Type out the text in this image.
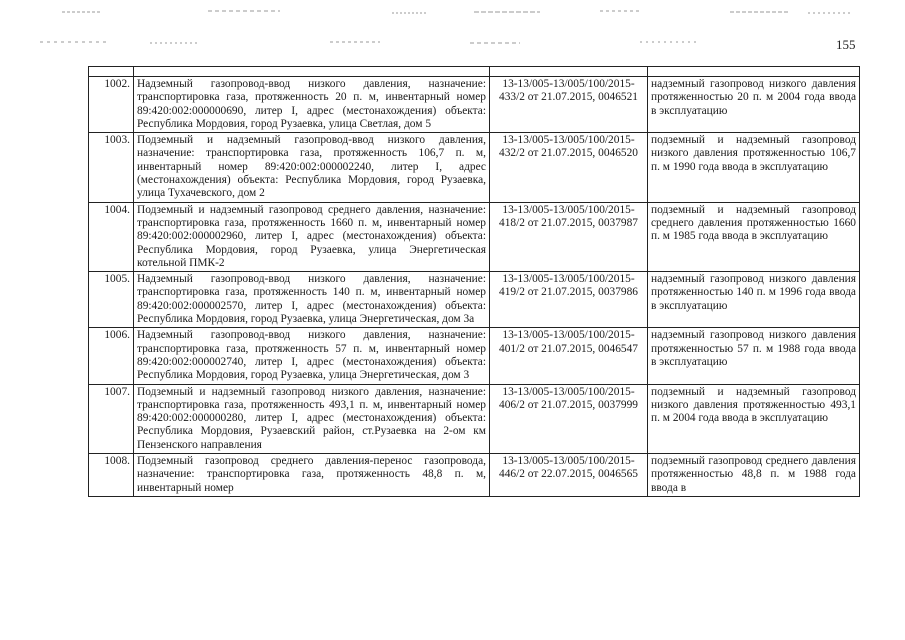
155

1002.	Надземный газопровод-ввод низкого давления, назначение: транспортировка газа, протяженность 20 п. м, инвентарный номер 89:420:002:000000690, литер I, адрес (местонахождения) объекта: Республика Мордовия, город Рузаевка, улица Светлая, дом 5	13-13/005-13/005/100/2015-433/2 от 21.07.2015, 0046521	надземный газопровод низкого давления протяженностью 20 п. м 2004 года ввода в эксплуатацию
1003.	Подземный и надземный газопровод-ввод низкого давления, назначение: транспортировка газа, протяженность 106,7 п. м, инвентарный номер 89:420:002:000002240, литер I, адрес (местонахождения) объекта: Республика Мордовия, город Рузаевка, улица Тухачевского, дом 2	13-13/005-13/005/100/2015-432/2 от 21.07.2015, 0046520	подземный и надземный газопровод низкого давления протяженностью 106,7 п. м 1990 года ввода в эксплуатацию
1004.	Подземный и надземный газопровод среднего давления, назначение: транспортировка газа, протяженность 1660 п. м, инвентарный номер 89:420:002:000002960, литер I, адрес (местонахождения) объекта: Республика Мордовия, город Рузаевка, улица Энергетическая котельной ПМК-2	13-13/005-13/005/100/2015-418/2 от 21.07.2015, 0037987	подземный и надземный газопровод среднего давления протяженностью 1660 п. м 1985 года ввода в эксплуатацию
1005.	Надземный газопровод-ввод низкого давления, назначение: транспортировка газа, протяженность 140 п. м, инвентарный номер 89:420:002:000002570, литер I, адрес (местонахождения) объекта: Республика Мордовия, город Рузаевка, улица Энергетическая, дом 3а	13-13/005-13/005/100/2015-419/2 от 21.07.2015, 0037986	надземный газопровод низкого давления протяженностью 140 п. м 1996 года ввода в эксплуатацию
1006.	Надземный газопровод-ввод низкого давления, назначение: транспортировка газа, протяженность 57 п. м, инвентарный номер 89:420:002:000002740, литер I, адрес (местонахождения) объекта: Республика Мордовия, город Рузаевка, улица Энергетическая, дом 3	13-13/005-13/005/100/2015-401/2 от 21.07.2015, 0046547	надземный газопровод низкого давления протяженностью 57 п. м 1988 года ввода в эксплуатацию
1007.	Подземный и надземный газопровод низкого давления, назначение: транспортировка газа, протяженность 493,1 п. м, инвентарный номер 89:420:002:000000280, литер I, адрес (местонахождения) объекта: Республика Мордовия, Рузаевский район, ст.Рузаевка на 2-ом км Пензенского направления	13-13/005-13/005/100/2015-406/2 от 21.07.2015, 0037999	подземный и надземный газопровод низкого давления протяженностью 493,1 п. м 2004 года ввода в эксплуатацию
1008.	Подземный газопровод среднего давления-перенос газопровода, назначение: транспортировка газа, протяженность 48,8 п. м, инвентарный номер	13-13/005-13/005/100/2015-446/2 от 22.07.2015, 0046565	подземный газопровод среднего давления протяженностью 48,8 п. м 1988 года ввода в
